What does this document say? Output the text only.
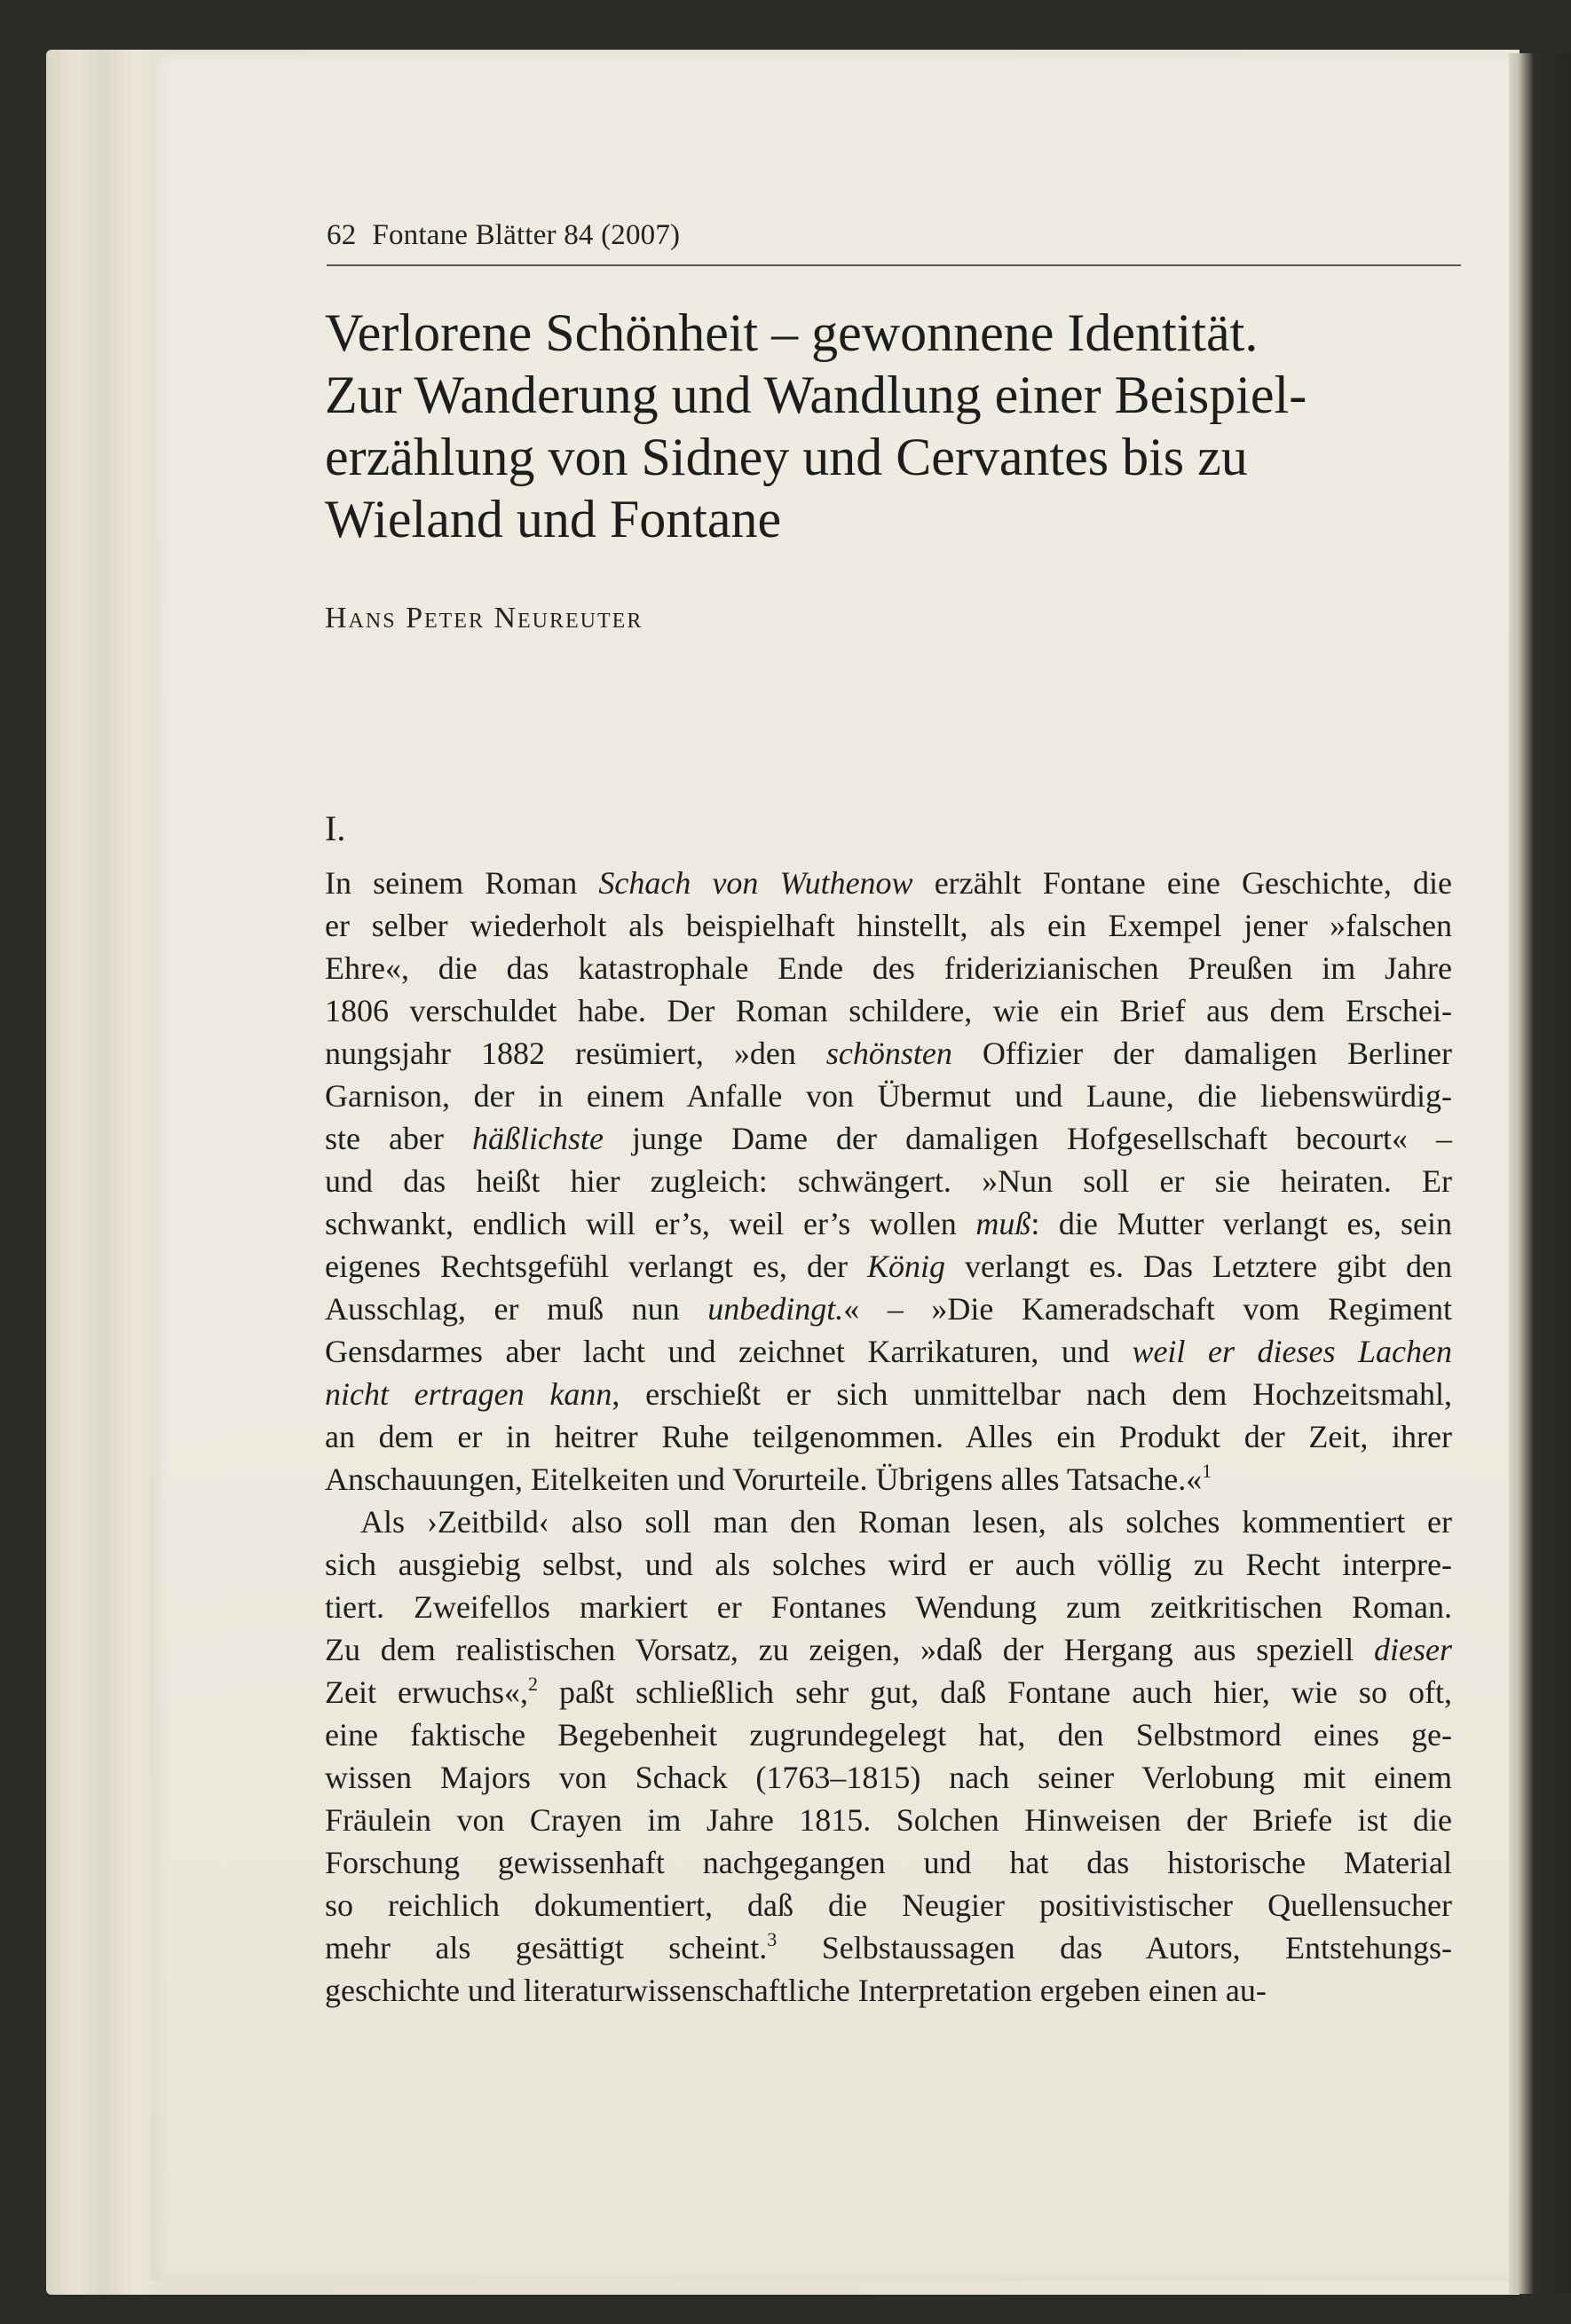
62 Fontane Blätter 84 (2007)
Verlorene Schönheit – gewonnene Identität.
Zur Wanderung und Wandlung einer Beispiel-
erzählung von Sidney und Cervantes bis zu
Wieland und Fontane
Hans Peter Neureuter
I.
In seinem Roman Schach von Wuthenow erzählt Fontane eine Geschichte, die
er selber wiederholt als beispielhaft hinstellt, als ein Exempel jener »falschen
Ehre«, die das katastrophale Ende des friderizianischen Preußen im Jahre
1806 verschuldet habe. Der Roman schildere, wie ein Brief aus dem Erschei-
nungsjahr 1882 resümiert, »den schönsten Offizier der damaligen Berliner
Garnison, der in einem Anfalle von Übermut und Laune, die liebenswürdig-
ste aber häßlichste junge Dame der damaligen Hofgesellschaft becourt« –
und das heißt hier zugleich: schwängert. »Nun soll er sie heiraten. Er
schwankt, endlich will er’s, weil er’s wollen muß: die Mutter verlangt es, sein
eigenes Rechtsgefühl verlangt es, der König verlangt es. Das Letztere gibt den
Ausschlag, er muß nun unbedingt.« – »Die Kameradschaft vom Regiment
Gensdarmes aber lacht und zeichnet Karrikaturen, und weil er dieses Lachen
nicht ertragen kann, erschießt er sich unmittelbar nach dem Hochzeitsmahl,
an dem er in heitrer Ruhe teilgenommen. Alles ein Produkt der Zeit, ihrer
Anschauungen, Eitelkeiten und Vorurteile. Übrigens alles Tatsache.«$^1$
Als ›Zeitbild‹ also soll man den Roman lesen, als solches kommentiert er
sich ausgiebig selbst, und als solches wird er auch völlig zu Recht interpre-
tiert. Zweifellos markiert er Fontanes Wendung zum zeitkritischen Roman.
Zu dem realistischen Vorsatz, zu zeigen, »daß der Hergang aus speziell dieser
Zeit erwuchs«,$^2$ paßt schließlich sehr gut, daß Fontane auch hier, wie so oft,
eine faktische Begebenheit zugrundegelegt hat, den Selbstmord eines ge-
wissen Majors von Schack (1763–1815) nach seiner Verlobung mit einem
Fräulein von Crayen im Jahre 1815. Solchen Hinweisen der Briefe ist die
Forschung gewissenhaft nachgegangen und hat das historische Material
so reichlich dokumentiert, daß die Neugier positivistischer Quellensucher
mehr als gesättigt scheint.$^3$ Selbstaussagen das Autors, Entstehungs-
geschichte und literaturwissenschaftliche Interpretation ergeben einen au-
